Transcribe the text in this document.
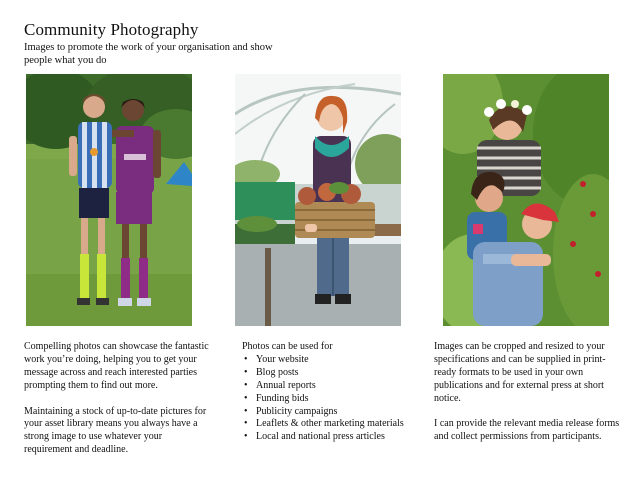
Community Photography
Images to promote the work of your organisation and show people what you do

Compelling photos can showcase the fantastic work you’re doing, helping you to get your message across and reach interested parties prompting them to find out more.

Maintaining a stock of up-to-date pictures for your asset library means you always have a strong image to use whatever your requirement and deadline.

Photos can be used for
• Your website
• Blog posts
• Annual reports
• Funding bids
• Publicity campaigns
• Leaflets & other marketing materials
• Local and national press articles

Images can be cropped and resized to your specifications and can be supplied in print-ready formats to be used in your own publications and for external press at short notice.

I can provide the relevant media release forms and collect permissions from participants.
